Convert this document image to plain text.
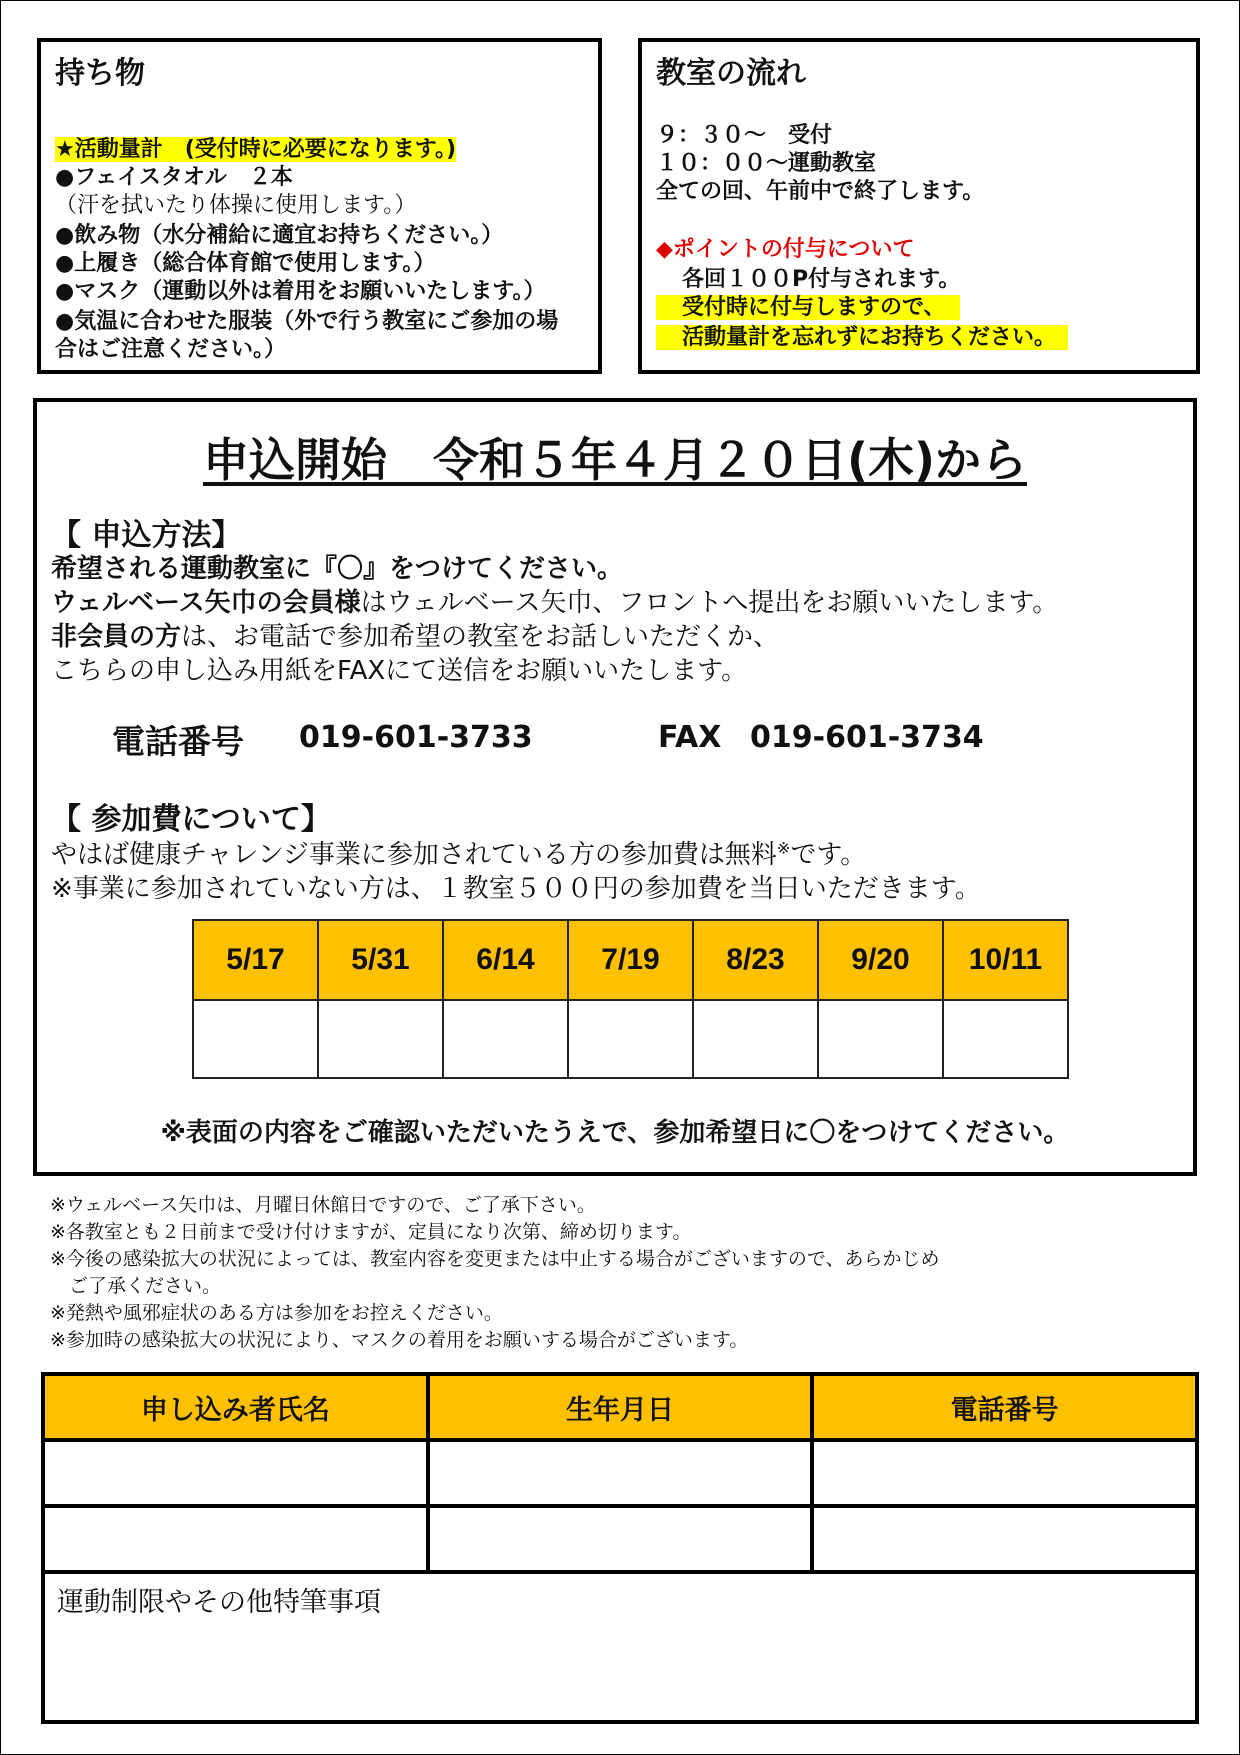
持ち物
★活動量計　(受付時に必要になります。)
●フェイスタオル　２本
（汗を拭いたり体操に使用します。）
●飲み物（水分補給に適宜お持ちください。）
●上履き（総合体育館で使用します。）
●マスク（運動以外は着用をお願いいたします。）
●気温に合わせた服装（外で行う教室にご参加の場
合はご注意ください。）
教室の流れ
９：３０～　受付
１０：００～運動教室
全ての回、午前中で終了します。
◆ポイントの付与について
各回１００P付与されます。
受付時に付与しますので、
活動量計を忘れずにお持ちください。
申込開始　令和５年４月２０日(木)から
【 申込方法】
希望される運動教室に『〇』をつけてください。
ウェルベース矢巾の会員様はウェルベース矢巾、フロントへ提出をお願いいたします。
非会員の方は、お電話で参加希望の教室をお話しいただくか、
こちらの申し込み用紙をFAXにて送信をお願いいたします。
電話番号 019-601-3733	FAX 019-601-3734
【 参加費について】
やはば健康チャレンジ事業に参加されている方の参加費は無料※です。
※事業に参加されていない方は、１教室５００円の参加費を当日いただきます。
5/17	5/31	6/14	7/19	8/23	9/20	10/11

※表面の内容をご確認いただいたうえで、参加希望日に〇をつけてください。
※ウェルベース矢巾は、月曜日休館日ですので、ご了承下さい。
※各教室とも２日前まで受け付けますが、定員になり次第、締め切ります。
※今後の感染拡大の状況によっては、教室内容を変更または中止する場合がございますので、あらかじめ
　ご了承ください。
※発熱や風邪症状のある方は参加をお控えください。
※参加時の感染拡大の状況により、マスクの着用をお願いする場合がございます。
申し込み者氏名	生年月日	電話番号

運動制限やその他特筆事項		
